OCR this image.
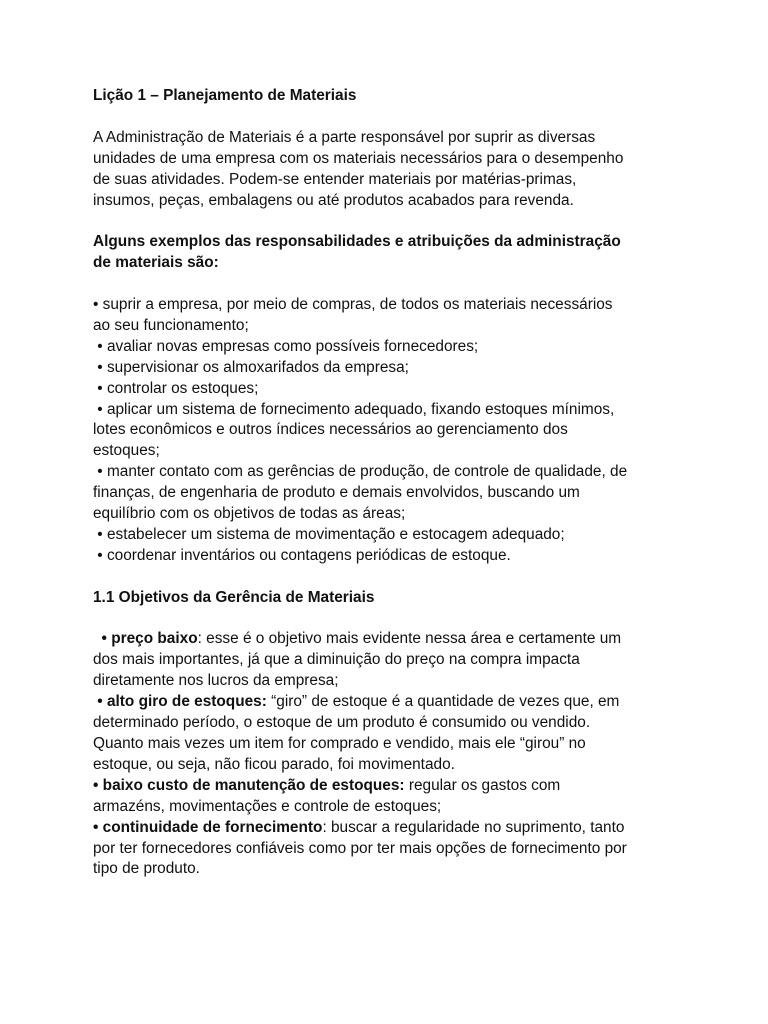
Lição 1 – Planejamento de Materiais
A Administração de Materiais é a parte responsável por suprir as diversas
unidades de uma empresa com os materiais necessários para o desempenho
de suas atividades. Podem-se entender materiais por matérias-primas,
insumos, peças, embalagens ou até produtos acabados para revenda.
Alguns exemplos das responsabilidades e atribuições da administração
de materiais são:
• suprir a empresa, por meio de compras, de todos os materiais necessários
ao seu funcionamento;
• avaliar novas empresas como possíveis fornecedores;
• supervisionar os almoxarifados da empresa;
• controlar os estoques;
• aplicar um sistema de fornecimento adequado, fixando estoques mínimos,
lotes econômicos e outros índices necessários ao gerenciamento dos
estoques;
• manter contato com as gerências de produção, de controle de qualidade, de
finanças, de engenharia de produto e demais envolvidos, buscando um
equilíbrio com os objetivos de todas as áreas;
• estabelecer um sistema de movimentação e estocagem adequado;
• coordenar inventários ou contagens periódicas de estoque.
1.1 Objetivos da Gerência de Materiais
• preço baixo: esse é o objetivo mais evidente nessa área e certamente um
dos mais importantes, já que a diminuição do preço na compra impacta
diretamente nos lucros da empresa;
• alto giro de estoques: “giro” de estoque é a quantidade de vezes que, em
determinado período, o estoque de um produto é consumido ou vendido.
Quanto mais vezes um item for comprado e vendido, mais ele “girou” no
estoque, ou seja, não ficou parado, foi movimentado.
• baixo custo de manutenção de estoques: regular os gastos com
armazéns, movimentações e controle de estoques;
• continuidade de fornecimento: buscar a regularidade no suprimento, tanto
por ter fornecedores confiáveis como por ter mais opções de fornecimento por
tipo de produto.
